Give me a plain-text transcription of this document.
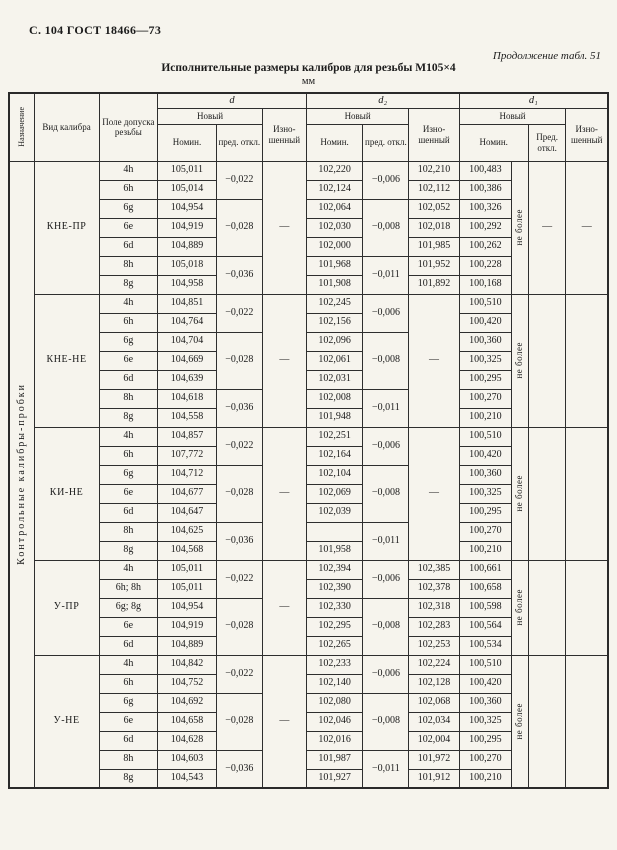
С. 104 ГОСТ 18466—73
Продолжение табл. 51
Исполнительные размеры калибров для резьбы М105×4
мм
Назначение	Вид калибра	Поле допуска резьбы	d			d₂			d₁			
			Новый		Изно-шенный	Новый		Изно-шенный	Новый			Изно-шенный
			Номин.	пред. откл.		Номин.	пред. откл.		Номин.		Пред. откл.	

Контрольные калибры-пробки	КНЕ-ПР	4h	105,011	−0,022	—	102,220	−0,006	102,210	100,483	не более	—	—
		6h	105,014			102,124		102,112	100,386			
		6g	104,954	−0,028		102,064	−0,008	102,052	100,326			
		6e	104,919			102,030		102,018	100,292			
		6d	104,889			102,000		101,985	100,262			
		8h	105,018	−0,036		101,968	−0,011	101,952	100,228			
		8g	104,958			101,908		101,892	100,168			
	КНЕ-НЕ	4h	104,851	−0,022	—	102,245	−0,006	—	100,510	не более		

		6h	104,764			102,156			100,420			
		6g	104,704	−0,028		102,096	−0,008		100,360			
		6e	104,669			102,061			100,325			
		6d	104,639			102,031			100,295			
		8h	104,618	−0,036		102,008	−0,011		100,270			
		8g	104,558			101,948			100,210			
	КИ-НЕ	4h	104,857	−0,022	—	102,251	−0,006	—	100,510	не более		

		6h	107,772			102,164			100,420			
		6g	104,712	−0,028		102,104	−0,008		100,360			
		6e	104,677			102,069			100,325			
		6d	104,647			102,039			100,295			
		8h	104,625	−0,036			−0,011		100,270			
		8g	104,568			101,958			100,210			
	У-ПР	4h	105,011	−0,022	—	102,394	−0,006	102,385	100,661	не более		

		6h; 8h	105,011			102,390		102,378	100,658			
		6g; 8g	104,954	−0,028		102,330	−0,008	102,318	100,598			
		6e	104,919			102,295		102,283	100,564			
		6d	104,889			102,265		102,253	100,534			
	У-НЕ	4h	104,842	−0,022	—	102,233	−0,006	102,224	100,510	не более		

		6h	104,752			102,140		102,128	100,420			
		6g	104,692	−0,028		102,080	−0,008	102,068	100,360			
		6e	104,658			102,046		102,034	100,325			
		6d	104,628			102,016		102,004	100,295			
		8h	104,603	−0,036		101,987	−0,011	101,972	100,270			
		8g	104,543			101,927		101,912	100,210			
